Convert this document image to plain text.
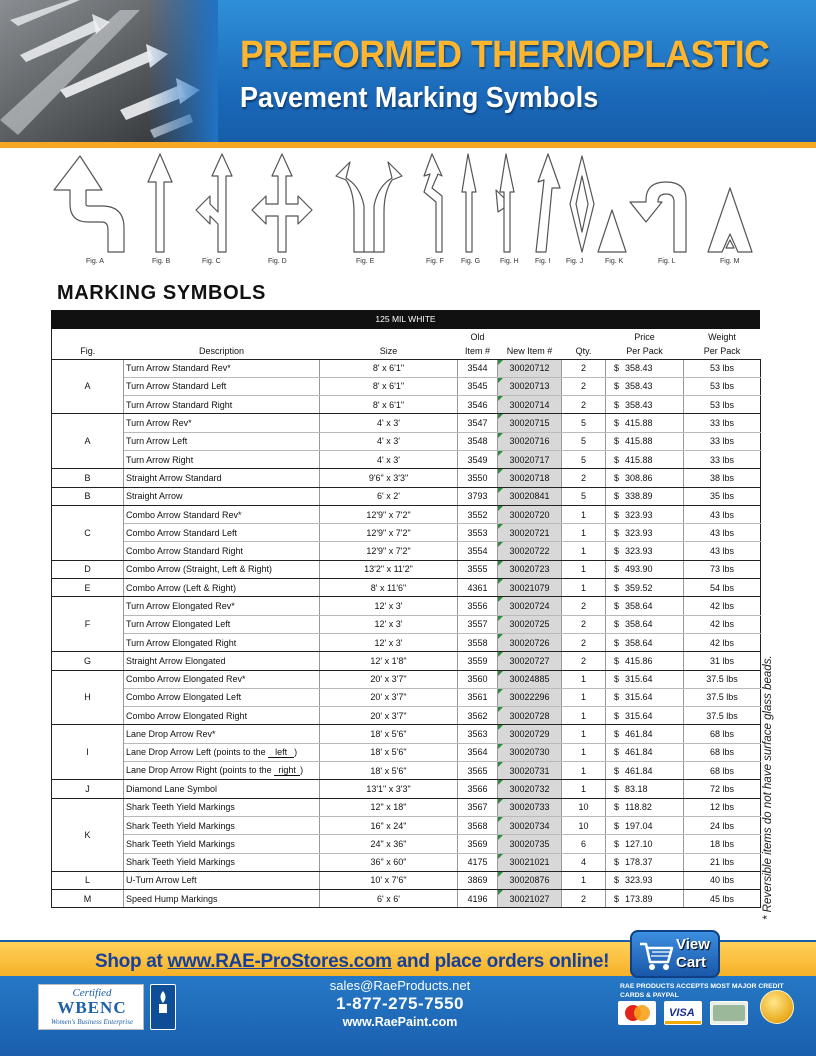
PREFORMED THERMOPLASTIC
Pavement Marking Symbols
Fig. A	Fig. B	Fig. C	Fig. D	Fig. E	Fig. F Fig. G	Fig. H Fig. I Fig. J	Fig. K	Fig. L	Fig. M
MARKING SYMBOLS
125 MIL WHITE
			Old			Price	Weight
Fig.	Description	Size	Item #	New Item #	Qty.	Per Pack	Per Pack
A	Turn Arrow Standard Rev*	8' x 6'1"	3544	30020712	2	$ 358.43	53 lbs
	Turn Arrow Standard Left	8' x 6'1"	3545	30020713	2	$ 358.43	53 lbs
	Turn Arrow Standard Right	8' x 6'1"	3546	30020714	2	$ 358.43	53 lbs
A	Turn Arrow Rev*	4' x 3'	3547	30020715	5	$ 415.88	33 lbs
	Turn Arrow Left	4' x 3'	3548	30020716	5	$ 415.88	33 lbs
	Turn Arrow Right	4' x 3'	3549	30020717	5	$ 415.88	33 lbs
B	Straight Arrow Standard	9'6" x 3'3"	3550	30020718	2	$ 308.86	38 lbs
B	Straight Arrow	6' x 2'	3793	30020841	5	$ 338.89	35 lbs
C	Combo Arrow Standard Rev*	12'9" x 7'2"	3552	30020720	1	$ 323.93	43 lbs
	Combo Arrow Standard Left	12'9" x 7'2"	3553	30020721	1	$ 323.93	43 lbs
	Combo Arrow Standard Right	12'9" x 7'2"	3554	30020722	1	$ 323.93	43 lbs
D	Combo Arrow (Straight, Left & Right)	13'2" x 11'2"	3555	30020723	1	$ 493.90	73 lbs
E	Combo Arrow (Left & Right)	8' x 11'6"	4361	30021079	1	$ 359.52	54 lbs
F	Turn Arrow Elongated Rev*	12' x 3'	3556	30020724	2	$ 358.64	42 lbs
	Turn Arrow Elongated Left	12' x 3'	3557	30020725	2	$ 358.64	42 lbs
	Turn Arrow Elongated Right	12' x 3'	3558	30020726	2	$ 358.64	42 lbs
G	Straight Arrow Elongated	12' x 1'8"	3559	30020727	2	$ 415.86	31 lbs
H	Combo Arrow Elongated Rev*	20' x 3'7"	3560	30024885	1	$ 315.64	37.5 lbs
	Combo Arrow Elongated Left	20' x 3'7"	3561	30022296	1	$ 315.64	37.5 lbs
	Combo Arrow Elongated Right	20' x 3'7"	3562	30020728	1	$ 315.64	37.5 lbs
I	Lane Drop Arrow Rev*	18' x 5'6"	3563	30020729	1	$ 461.84	68 lbs
	Lane Drop Arrow Left (points to the left )	18' x 5'6"	3564	30020730	1	$ 461.84	68 lbs
	Lane Drop Arrow Right (points to the right )	18' x 5'6"	3565	30020731	1	$ 461.84	68 lbs
J	Diamond Lane Symbol	13'1" x 3'3"	3566	30020732	1	$ 83.18	72 lbs
K	Shark Teeth Yield Markings	12" x 18"	3567	30020733	10	$ 118.82	12 lbs
	Shark Teeth Yield Markings	16" x 24"	3568	30020734	10	$ 197.04	24 lbs
	Shark Teeth Yield Markings	24" x 36"	3569	30020735	6	$ 127.10	18 lbs
	Shark Teeth Yield Markings	36" x 60"	4175	30021021	4	$ 178.37	21 lbs
L	U-Turn Arrow Left	10' x 7'6"	3869	30020876	1	$ 323.93	40 lbs
M	Speed Hump Markings	6' x 6'	4196	30021027	2	$ 173.89	45 lbs * Reversible items do not have surface glass beads.
Shop at www.RAE-ProStores.com and place orders online!
View
Cart
Certified
WBENC
Women's Business Enterprise
sales@RaeProducts.net
1-877-275-7550
www.RaePaint.com
RAE PRODUCTS ACCEPTS MOST MAJOR CREDIT CARDS & PAYPAL
VISA
